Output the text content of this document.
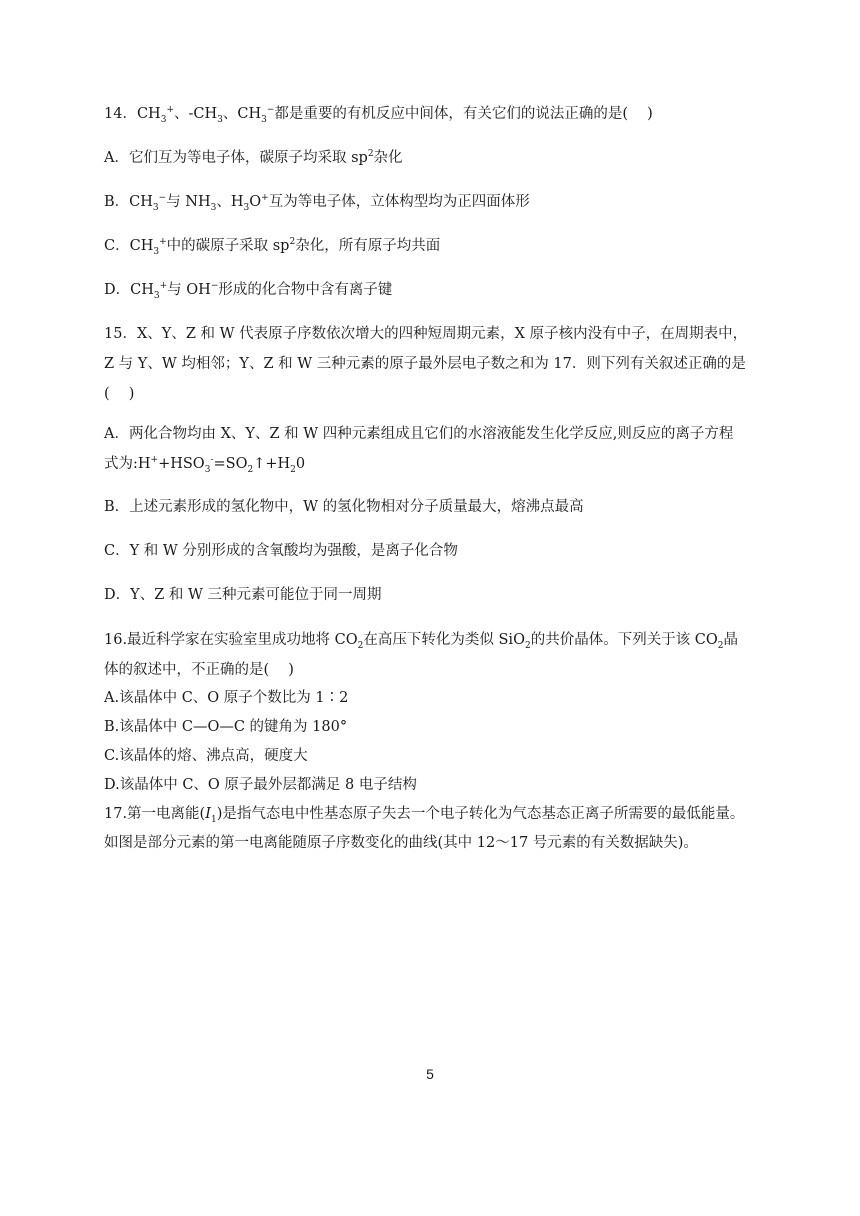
14．$CH_3^+$、$-CH_3$、$CH_3^-$都是重要的有机反应中间体，有关它们的说法正确的是(　 )
A．它们互为等电子体，碳原子均采取 $sp^2$杂化
B．$CH_3^-$与 $NH_3$、$H_3O^+$互为等电子体，立体构型均为正四面体形
C．$CH_3^+$中的碳原子采取 $sp^2$杂化，所有原子均共面
D．$CH_3^+$与 OH−形成的化合物中含有离子键
15．X、Y、Z 和 W 代表原子序数依次增大的四种短周期元素，X 原子核内没有中子，在周期表中，
Z 与 Y、W 均相邻；Y、Z 和 W 三种元素的原子最外层电子数之和为 17．则下列有关叙述正确的是
(　 )
A．两化合物均由 X、Y、Z 和 W 四种元素组成且它们的水溶液能发生化学反应,则反应的离子方程
式为$:H^++HSO_3^-=SO_2↑+H_20$
B．上述元素形成的氢化物中，W 的氢化物相对分子质量最大，熔沸点最高
C．Y 和 W 分别形成的含氧酸均为强酸，是离子化合物
D．Y、Z 和 W 三种元素可能位于同一周期
16.最近科学家在实验室里成功地将 $CO_2$在高压下转化为类似 SiO$_2$的共价晶体。下列关于该 $CO_2$晶
体的叙述中，不正确的是(　 )
A.该晶体中 C、O 原子个数比为 1∶2
B.该晶体中 C—O—C 的键角为 180°
C.该晶体的熔、沸点高，硬度大
D.该晶体中 C、O 原子最外层都满足 8 电子结构
17.第一电离能$(I_1)$是指气态电中性基态原子失去一个电子转化为气态基态正离子所需要的最低能量。
如图是部分元素的第一电离能随原子序数变化的曲线(其中 12～17 号元素的有关数据缺失)。
5
